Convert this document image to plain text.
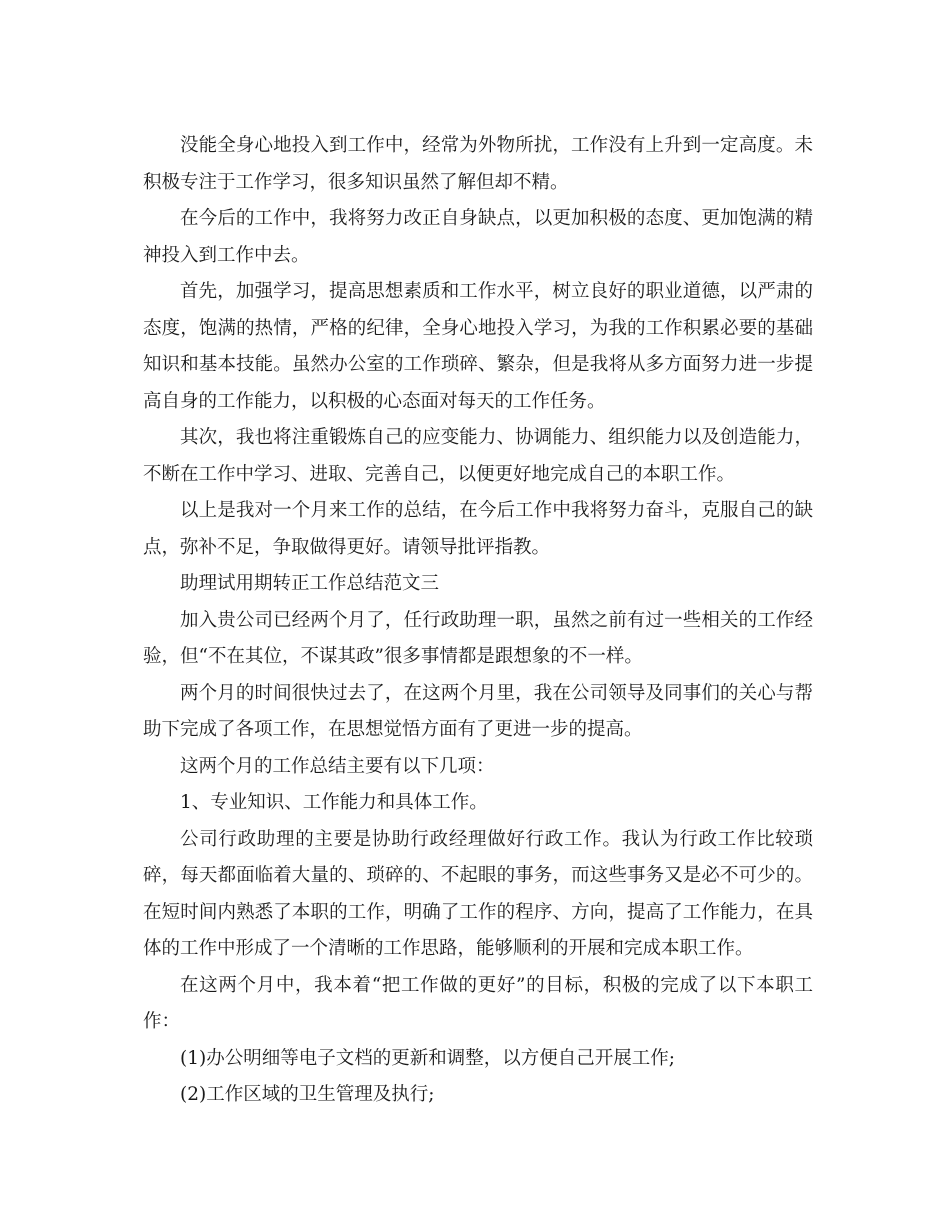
没能全身心地投入到工作中，经常为外物所扰，工作没有上升到一定高度。未积极专注于工作学习，很多知识虽然了解但却不精。

在今后的工作中，我将努力改正自身缺点，以更加积极的态度、更加饱满的精神投入到工作中去。

首先，加强学习，提高思想素质和工作水平，树立良好的职业道德，以严肃的态度，饱满的热情，严格的纪律，全身心地投入学习，为我的工作积累必要的基础知识和基本技能。虽然办公室的工作琐碎、繁杂，但是我将从多方面努力进一步提高自身的工作能力，以积极的心态面对每天的工作任务。

其次，我也将注重锻炼自己的应变能力、协调能力、组织能力以及创造能力，不断在工作中学习、进取、完善自己，以便更好地完成自己的本职工作。

以上是我对一个月来工作的总结，在今后工作中我将努力奋斗，克服自己的缺点，弥补不足，争取做得更好。请领导批评指教。

助理试用期转正工作总结范文三

加入贵公司已经两个月了，任行政助理一职，虽然之前有过一些相关的工作经验，但“不在其位，不谋其政”很多事情都是跟想象的不一样。

两个月的时间很快过去了，在这两个月里，我在公司领导及同事们的关心与帮助下完成了各项工作，在思想觉悟方面有了更进一步的提高。

这两个月的工作总结主要有以下几项：

1、专业知识、工作能力和具体工作。

公司行政助理的主要是协助行政经理做好行政工作。我认为行政工作比较琐碎，每天都面临着大量的、琐碎的、不起眼的事务，而这些事务又是必不可少的。在短时间内熟悉了本职的工作，明确了工作的程序、方向，提高了工作能力，在具体的工作中形成了一个清晰的工作思路，能够顺利的开展和完成本职工作。

在这两个月中，我本着“把工作做的更好”的目标，积极的完成了以下本职工作：

(1)办公明细等电子文档的更新和调整，以方便自己开展工作;

(2)工作区域的卫生管理及执行;
